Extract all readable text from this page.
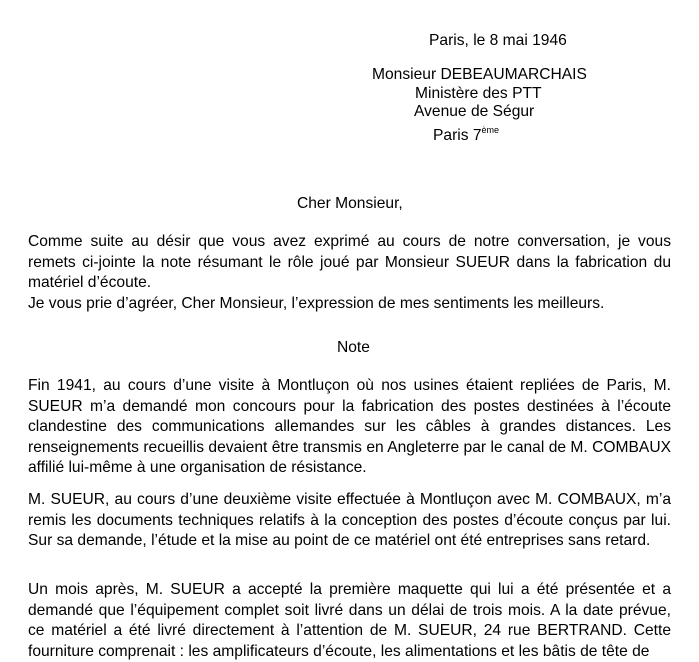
Paris, le 8 mai 1946
Monsieur DEBEAUMARCHAIS
Ministère des PTT
Avenue de Ségur
Paris 7ème
Cher Monsieur,

Comme suite au désir que vous avez exprimé au cours de notre conversation, je vous remets ci-jointe la note résumant le rôle joué par Monsieur SUEUR dans la fabrication du matériel d’écoute.

Je vous prie d’agréer, Cher Monsieur, l’expression de mes sentiments les meilleurs.

Note

Fin 1941, au cours d’une visite à Montluçon où nos usines étaient repliées de Paris, M. SUEUR m’a demandé mon concours pour la fabrication des postes destinées à l’écoute clandestine des communications allemandes sur les câbles à grandes distances. Les renseignements recueillis devaient être transmis en Angleterre par le canal de M. COMBAUX affilié lui-même à une organisation de résistance.

M. SUEUR, au cours d’une deuxième visite effectuée à Montluçon avec M. COMBAUX, m’a remis les documents techniques relatifs à la conception des postes d’écoute conçus par lui. Sur sa demande, l’étude et la mise au point de ce matériel ont été entreprises sans retard.

Un mois après, M. SUEUR a accepté la première maquette qui lui a été présentée et a demandé que l’équipement complet soit livré dans un délai de trois mois. A la date prévue, ce matériel a été livré directement à l’attention de M. SUEUR, 24 rue BERTRAND. Cette fourniture comprenait : les amplificateurs d’écoute, les alimentations et les bâtis de tête de
